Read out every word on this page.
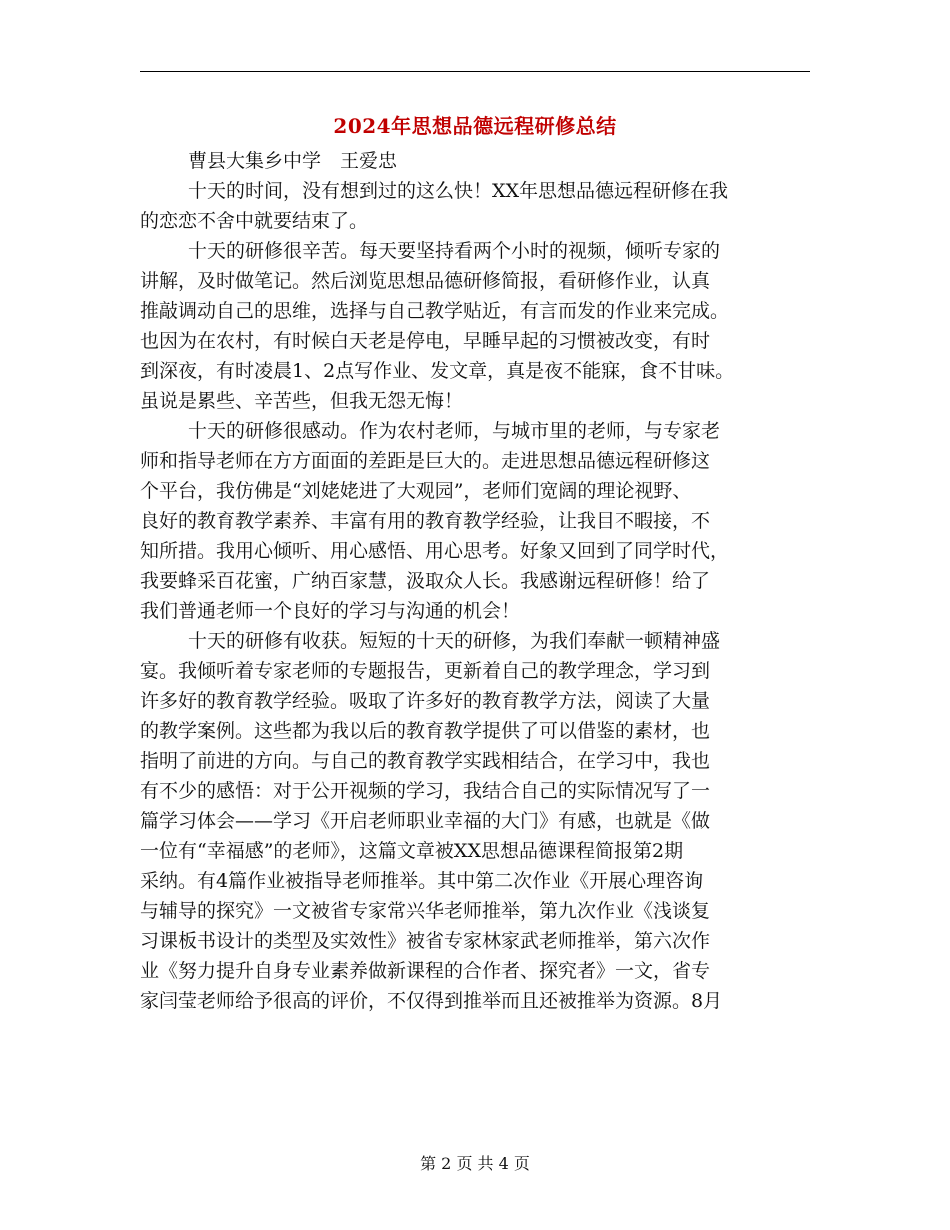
2024年思想品德远程研修总结
曹县大集乡中学　王爱忠
十天的时间，没有想到过的这么快！XX年思想品德远程研修在我
的恋恋不舍中就要结束了。
十天的研修很辛苦。每天要坚持看两个小时的视频，倾听专家的
讲解，及时做笔记。然后浏览思想品德研修简报，看研修作业，认真
推敲调动自己的思维，选择与自己教学贴近，有言而发的作业来完成。
也因为在农村，有时候白天老是停电，早睡早起的习惯被改变，有时
到深夜，有时凌晨1、2点写作业、发文章，真是夜不能寐，食不甘味。
虽说是累些、辛苦些，但我无怨无悔！
十天的研修很感动。作为农村老师，与城市里的老师，与专家老
师和指导老师在方方面面的差距是巨大的。走进思想品德远程研修这
个平台，我仿佛是“刘姥姥进了大观园”，老师们宽阔的理论视野、
良好的教育教学素养、丰富有用的教育教学经验，让我目不暇接，不
知所措。我用心倾听、用心感悟、用心思考。好象又回到了同学时代，
我要蜂采百花蜜，广纳百家慧，汲取众人长。我感谢远程研修！给了
我们普通老师一个良好的学习与沟通的机会！
十天的研修有收获。短短的十天的研修，为我们奉献一顿精神盛
宴。我倾听着专家老师的专题报告，更新着自己的教学理念，学习到
许多好的教育教学经验。吸取了许多好的教育教学方法，阅读了大量
的教学案例。这些都为我以后的教育教学提供了可以借鉴的素材，也
指明了前进的方向。与自己的教育教学实践相结合，在学习中，我也
有不少的感悟：对于公开视频的学习，我结合自己的实际情况写了一
篇学习体会——学习《开启老师职业幸福的大门》有感，也就是《做
一位有“幸福感”的老师》，这篇文章被XX思想品德课程简报第2期
采纳。有4篇作业被指导老师推举。其中第二次作业《开展心理咨询
与辅导的探究》一文被省专家常兴华老师推举，第九次作业《浅谈复
习课板书设计的类型及实效性》被省专家林家武老师推举，第六次作
业《努力提升自身专业素养做新课程的合作者、探究者》一文，省专
家闫莹老师给予很高的评价，不仅得到推举而且还被推举为资源。8月
第 2 页 共 4 页
